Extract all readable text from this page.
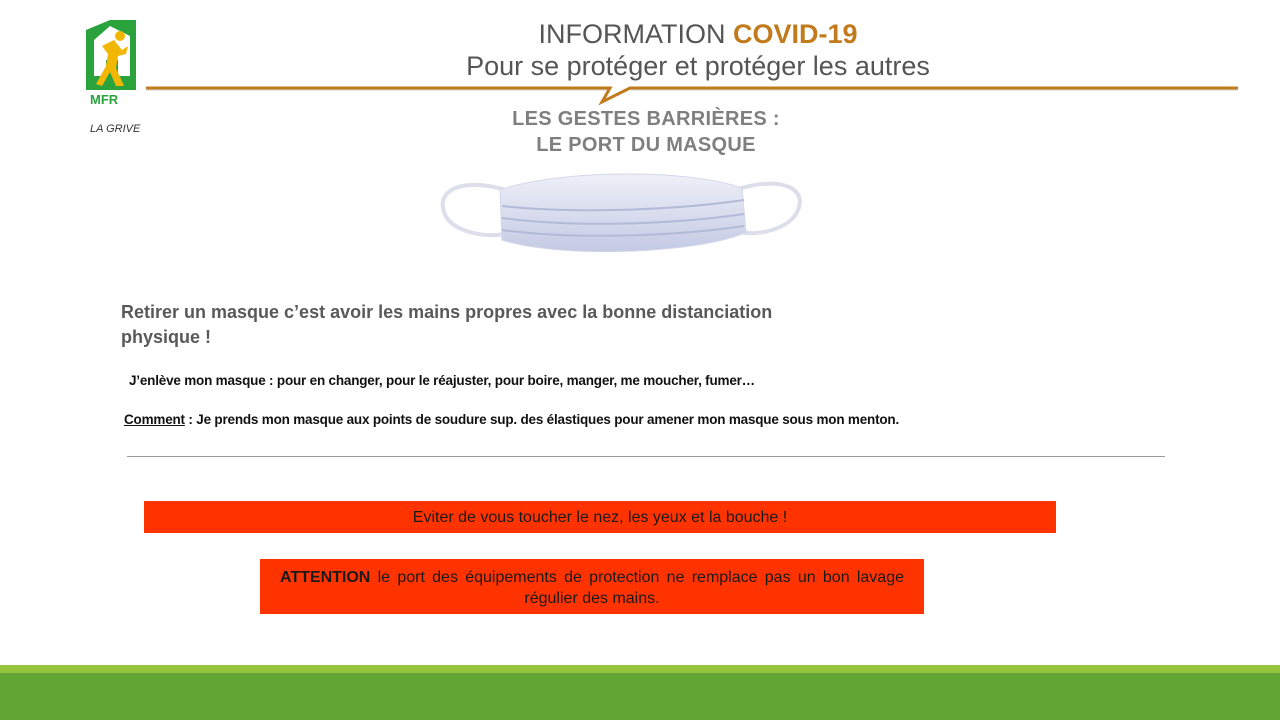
MFR
LA GRIVE
INFORMATION COVID-19
Pour se protéger et protéger les autres
LES GESTES BARRIÈRES :
LE PORT DU MASQUE
Retirer un masque c’est avoir les mains propres avec la bonne distanciation physique !
J’enlève mon masque : pour en changer, pour le réajuster, pour boire, manger, me moucher, fumer…
Comment : Je prends mon masque aux points de soudure sup. des élastiques pour amener mon masque sous mon menton.
Eviter de vous toucher le nez, les yeux et la bouche !
ATTENTION le port des équipements de protection ne remplace pas un bon lavage régulier des mains.
